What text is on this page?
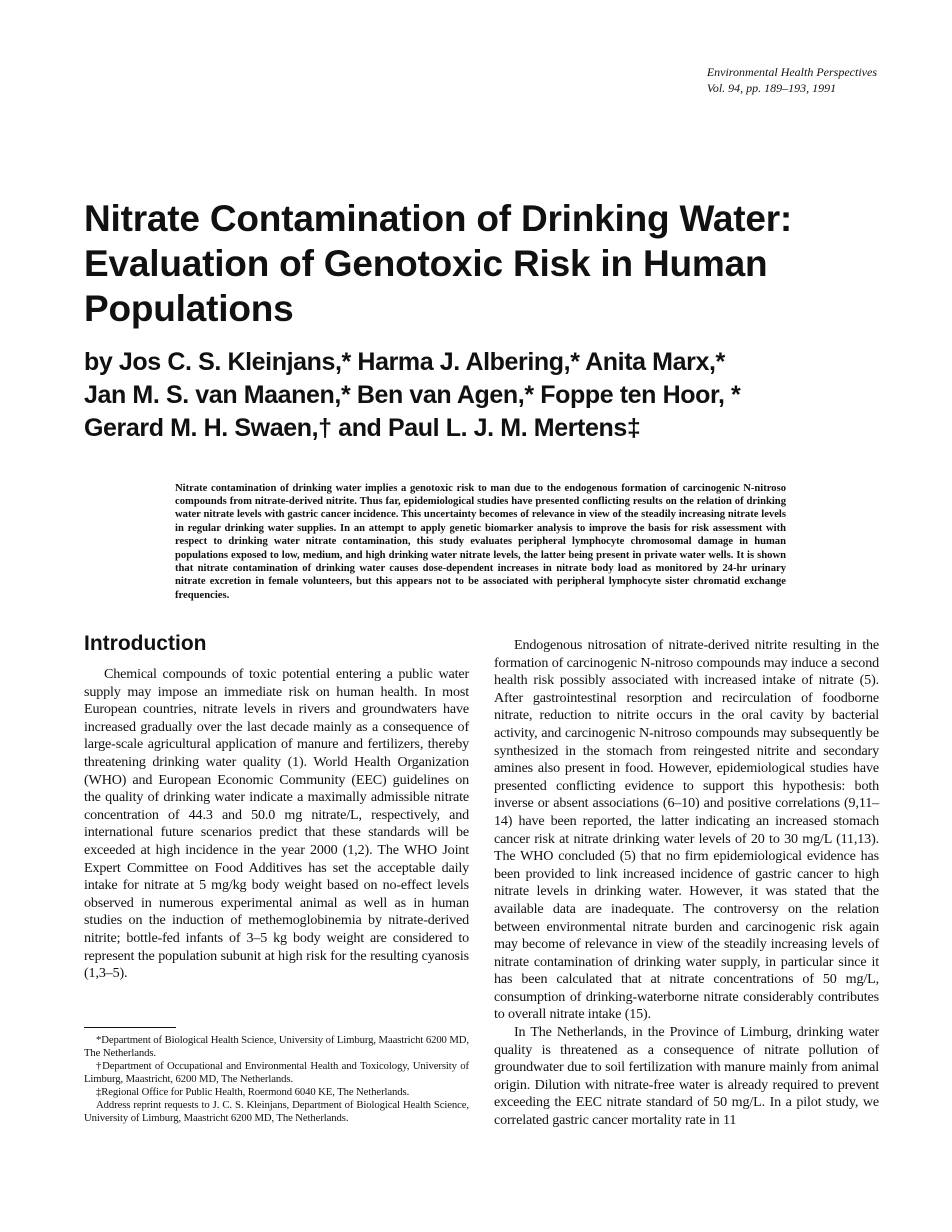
Environmental Health Perspectives
Vol. 94, pp. 189–193, 1991
Nitrate Contamination of Drinking Water:
Evaluation of Genotoxic Risk in Human
Populations
by Jos C. S. Kleinjans,* Harma J. Albering,* Anita Marx,*
Jan M. S. van Maanen,* Ben van Agen,* Foppe ten Hoor, *
Gerard M. H. Swaen,† and Paul L. J. M. Mertens‡

Nitrate contamination of drinking water implies a genotoxic risk to man due to the endogenous formation of carcinogenic N-nitroso compounds from nitrate-derived nitrite. Thus far, epidemiological studies have presented conflicting results on the relation of drinking water nitrate levels with gastric cancer incidence. This uncertainty becomes of relevance in view of the steadily increasing nitrate levels in regular drinking water supplies. In an attempt to apply genetic biomarker analysis to improve the basis for risk assessment with respect to drinking water nitrate contamination, this study evaluates peripheral lymphocyte chromosomal damage in human populations exposed to low, medium, and high drinking water nitrate levels, the latter being present in private water wells. It is shown that nitrate contamination of drinking water causes dose-dependent increases in nitrate body load as monitored by 24-hr urinary nitrate excretion in female volunteers, but this appears not to be associated with peripheral lymphocyte sister chromatid exchange frequencies.

Introduction

Chemical compounds of toxic potential entering a public water supply may impose an immediate risk on human health. In most European countries, nitrate levels in rivers and groundwaters have increased gradually over the last decade mainly as a consequence of large-scale agricultural application of manure and fertilizers, thereby threatening drinking water quality (1). World Health Organization (WHO) and European Economic Community (EEC) guidelines on the quality of drinking water indicate a maximally admissible nitrate concentration of 44.3 and 50.0 mg nitrate/L, respectively, and international future scenarios predict that these standards will be exceeded at high incidence in the year 2000 (1,2). The WHO Joint Expert Committee on Food Additives has set the acceptable daily intake for nitrate at 5 mg/kg body weight based on no-effect levels observed in numerous experimental animal as well as in human studies on the induction of methemoglobinemia by nitrate-derived nitrite; bottle-fed infants of 3–5 kg body weight are considered to represent the population subunit at high risk for the resulting cyanosis (1,3–5).

*Department of Biological Health Science, University of Limburg, Maastricht 6200 MD, The Netherlands.

†Department of Occupational and Environmental Health and Toxicology, University of Limburg, Maastricht, 6200 MD, The Netherlands.

‡Regional Office for Public Health, Roermond 6040 KE, The Netherlands.

Address reprint requests to J. C. S. Kleinjans, Department of Biological Health Science, University of Limburg, Maastricht 6200 MD, The Netherlands.

Endogenous nitrosation of nitrate-derived nitrite resulting in the formation of carcinogenic N-nitroso compounds may induce a second health risk possibly associated with increased intake of nitrate (5). After gastrointestinal resorption and recirculation of foodborne nitrate, reduction to nitrite occurs in the oral cavity by bacterial activity, and carcinogenic N-nitroso compounds may subsequently be synthesized in the stomach from reingested nitrite and secondary amines also present in food. However, epidemiological studies have presented conflicting evidence to support this hypothesis: both inverse or absent associations (6–10) and positive correlations (9,11–14) have been reported, the latter indicating an increased stomach cancer risk at nitrate drinking water levels of 20 to 30 mg/L (11,13). The WHO concluded (5) that no firm epidemiological evidence has been provided to link increased incidence of gastric cancer to high nitrate levels in drinking water. However, it was stated that the available data are inadequate. The controversy on the relation between environmental nitrate burden and carcinogenic risk again may become of relevance in view of the steadily increasing levels of nitrate contamination of drinking water supply, in particular since it has been calculated that at nitrate concentrations of 50 mg/L, consumption of drinking-waterborne nitrate considerably contributes to overall nitrate intake (15).

In The Netherlands, in the Province of Limburg, drinking water quality is threatened as a consequence of nitrate pollution of groundwater due to soil fertilization with manure mainly from animal origin. Dilution with nitrate-free water is already required to prevent exceeding the EEC nitrate standard of 50 mg/L. In a pilot study, we correlated gastric cancer mortality rate in 11
